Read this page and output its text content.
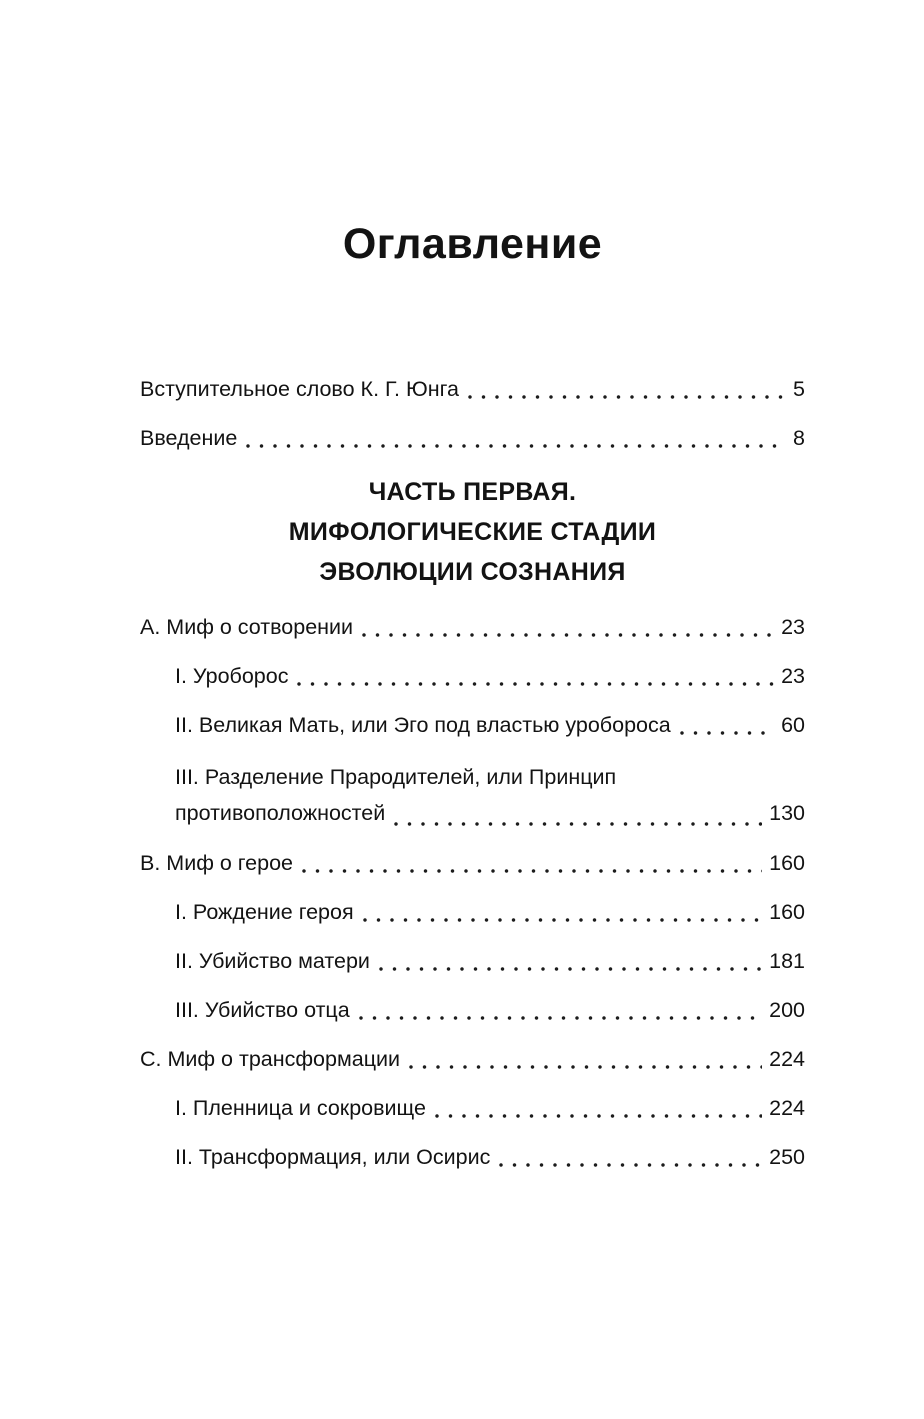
Оглавление
Вступительное слово К. Г. Юнга	5
Введение	8
ЧАСТЬ ПЕРВАЯ.
МИФОЛОГИЧЕСКИЕ СТАДИИ
ЭВОЛЮЦИИ СОЗНАНИЯ
А. Миф о сотворении	23
I. Уроборос	23
II. Великая Мать, или Эго под властью уробороса	60
III. Разделение Прародителей, или Принцип
противоположностей	130
В. Миф о герое	160
I. Рождение героя	160
II. Убийство матери	181
III. Убийство отца	200
С. Миф о трансформации	224
I. Пленница и сокровище	224
II. Трансформация, или Осирис	250
